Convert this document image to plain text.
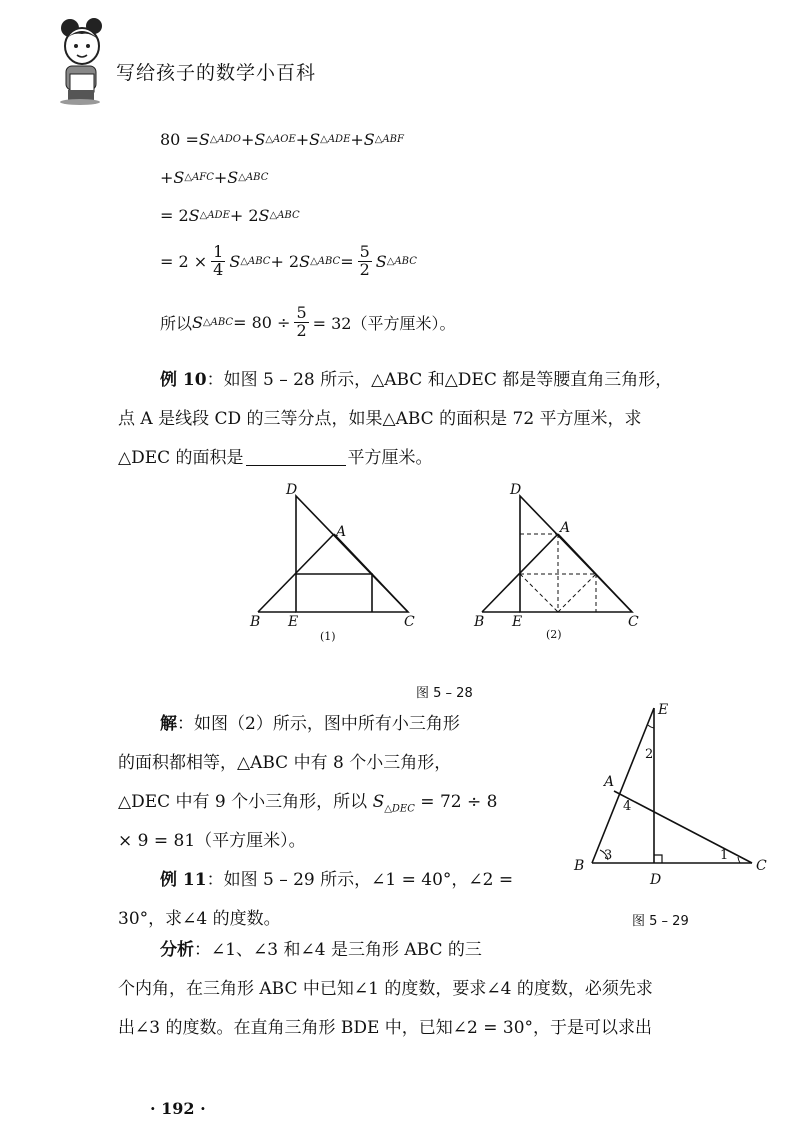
写给孩子的数学小百科
80 = S △ADO + S △AOE + S △ADE + S △ABF
+ S △AFC + S △ABC
= 2 S △ADE + 2 S △ABC
= $2 \times \frac{1}{4}$ S △ABC + 2 S △ABC = $\frac{5}{2}$ S △ABC
所以 S △ABC = $80 \div \frac{5}{2} = 32$（平方厘米）。
例 10：如图 5 – 28 所示，△ABC 和△DEC 都是等腰直角三角形，
点 A 是线段 CD 的三等分点，如果△ABC 的面积是 72 平方厘米，求
△DEC 的面积是	平方厘米。
D
A
B E	C
(1)
D
A
B E	C
(2)
图 5 – 28
解：如图（2）所示，图中所有小三角形
的面积都相等，△ABC 中有 8 个小三角形，
△DEC 中有 9 个小三角形，所以 $S_{\triangle DEC} = 72 \div 8$
× 9 = 81（平方厘米）。
例 11：如图 5 – 29 所示，∠1 = 40°，∠2 =
30°，求∠4 的度数。
E
A
B
D
C
2
4
3	1
图 5 – 29
分析：∠1、∠3 和∠4 是三角形 ABC 的三
个内角，在三角形 ABC 中已知∠1 的度数，要求∠4 的度数，必须先求
出∠3 的度数。在直角三角形 BDE 中，已知∠2 = 30°，于是可以求出
· 192 ·
